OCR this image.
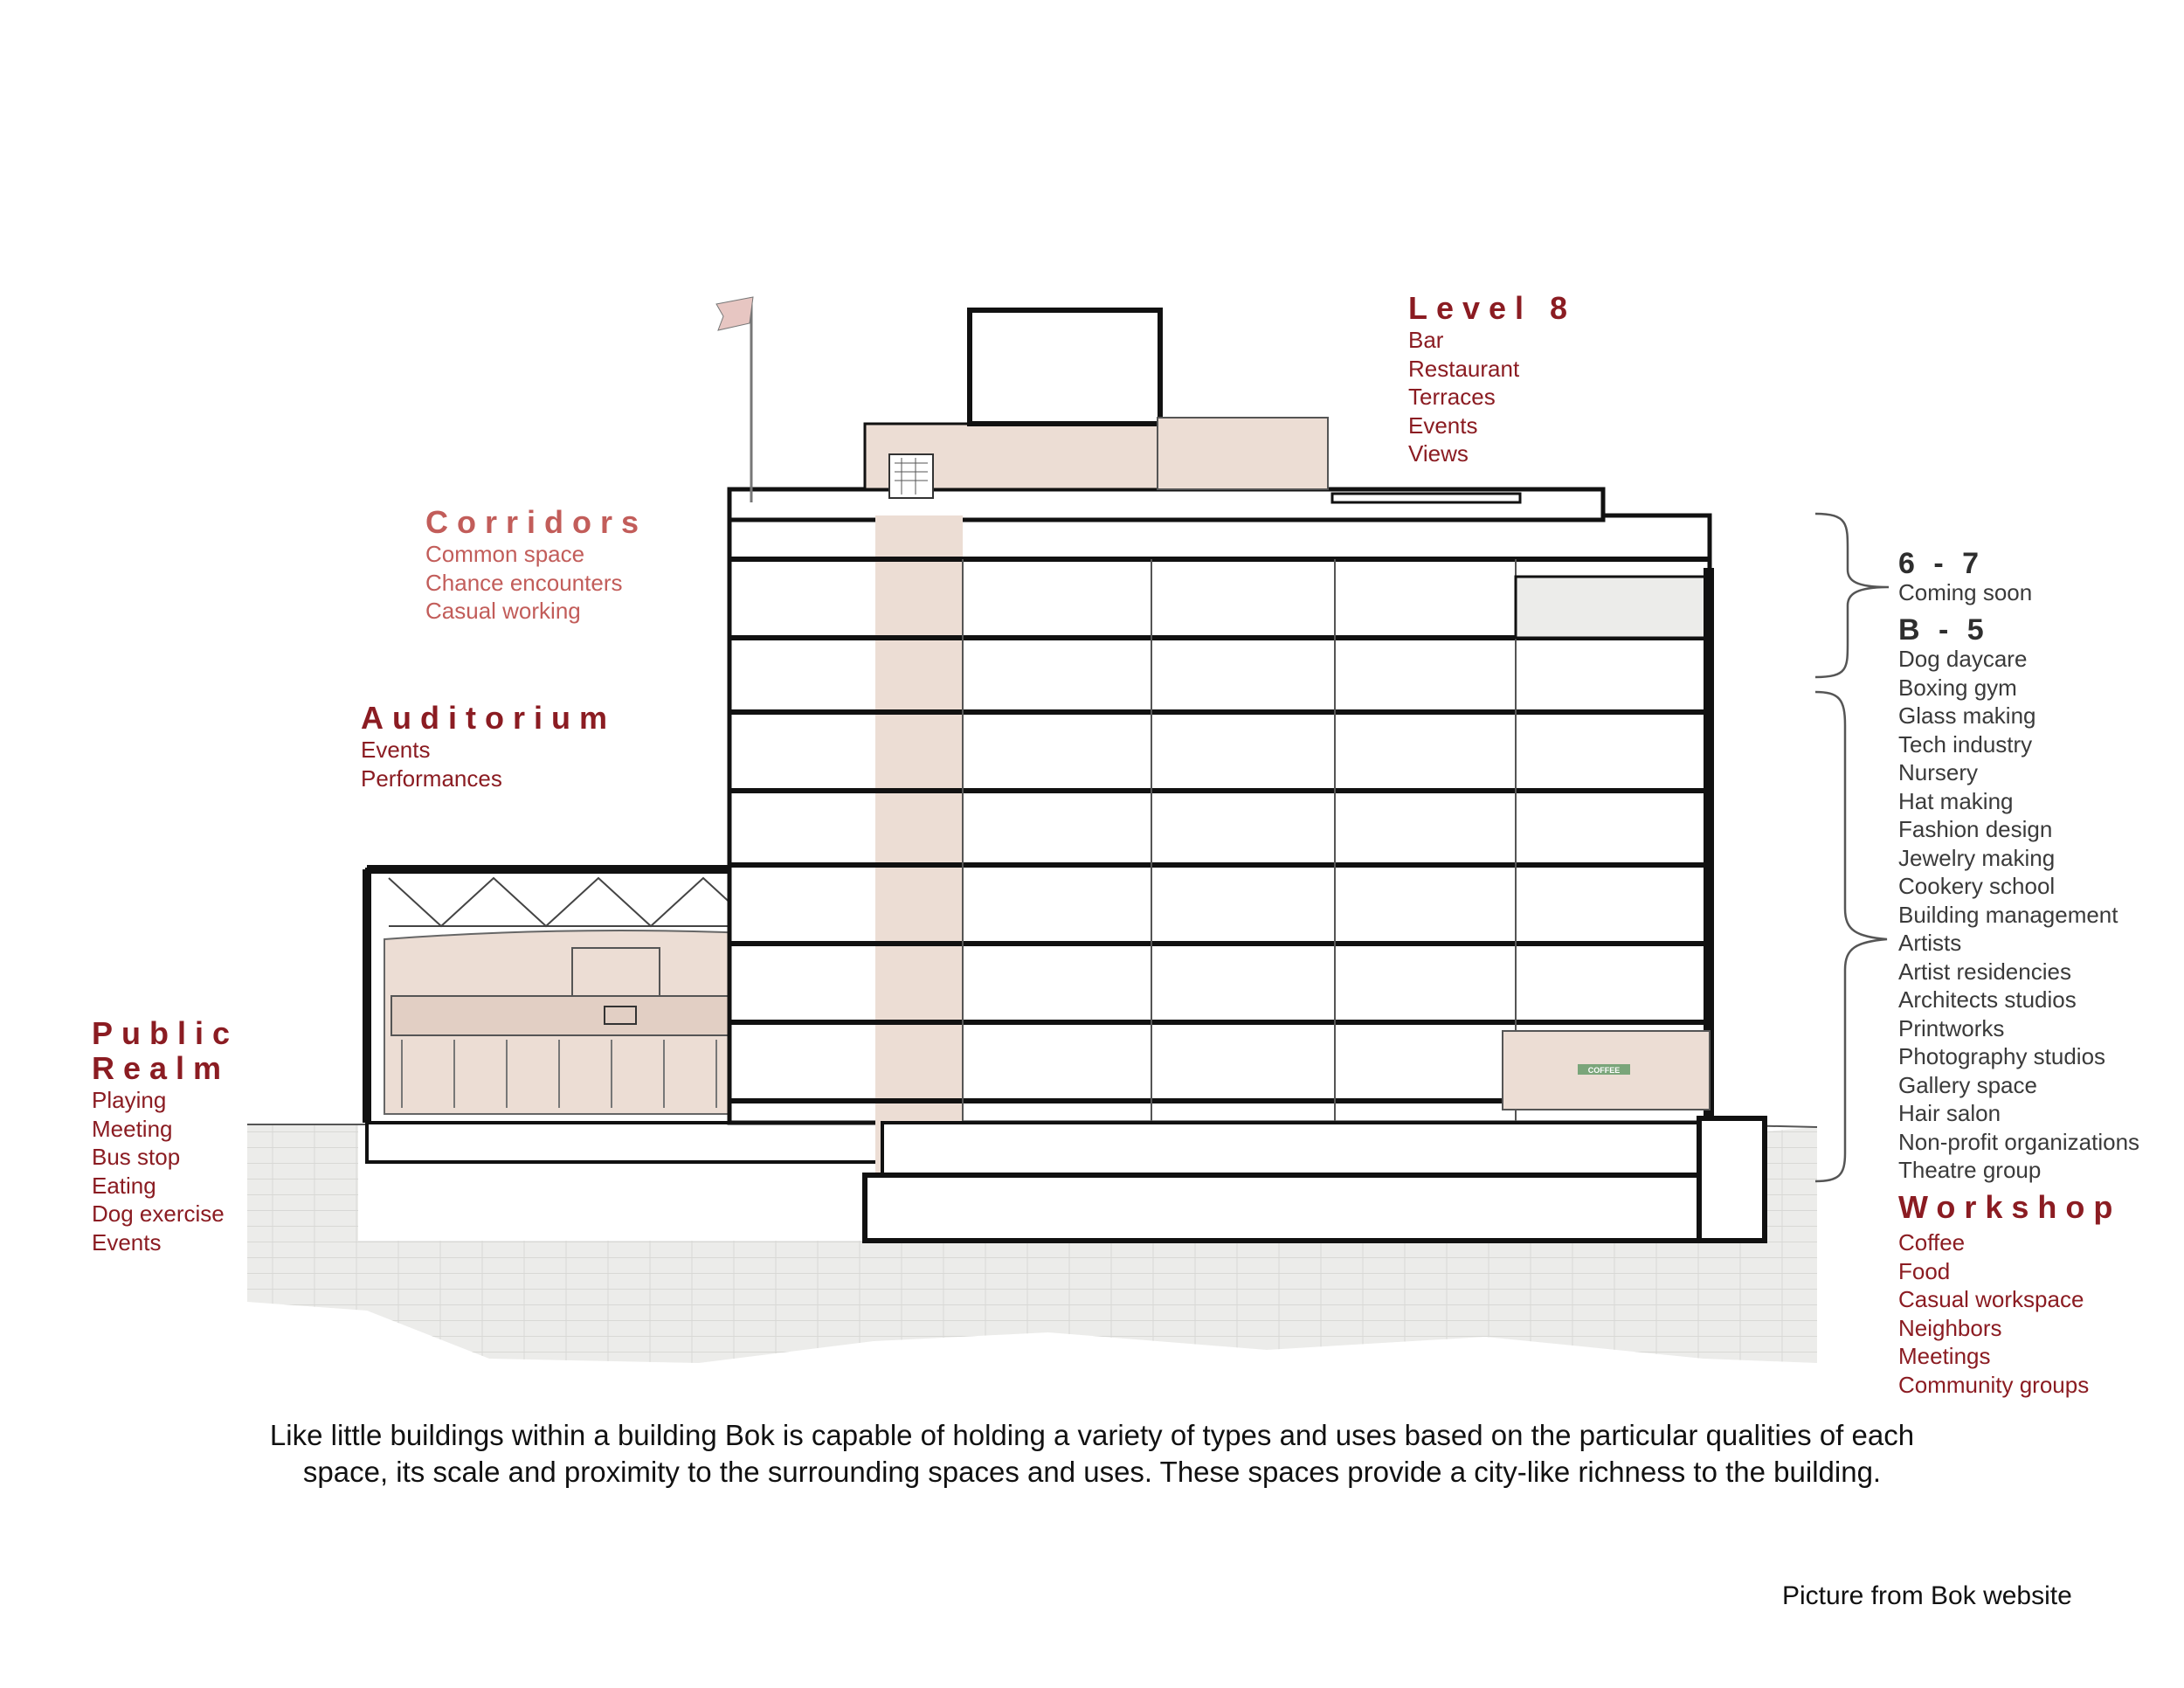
COFFEE
Level 8
Bar
Restaurant
Terraces
Events
Views
Corridors
Common space
Chance encounters
Casual working
Auditorium
Events
Performances
Public
Realm
Playing
Meeting
Bus stop
Eating
Dog exercise
Events
6 - 7
Coming soon
B - 5
Dog daycare
Boxing gym
Glass making
Tech industry
Nursery
Hat making
Fashion design
Jewelry making
Cookery school
Building management
Artists
Artist residencies
Architects studios
Printworks
Photography studios
Gallery space
Hair salon
Non-profit organizations
Theatre group
Workshop
Coffee
Food
Casual workspace
Neighbors
Meetings
Community groups
Like little buildings within a building Bok is capable of holding a variety of types and uses based on the particular qualities of each space, its scale and proximity to the surrounding spaces and uses. These spaces provide a city-like richness to the building.
Picture from Bok website
